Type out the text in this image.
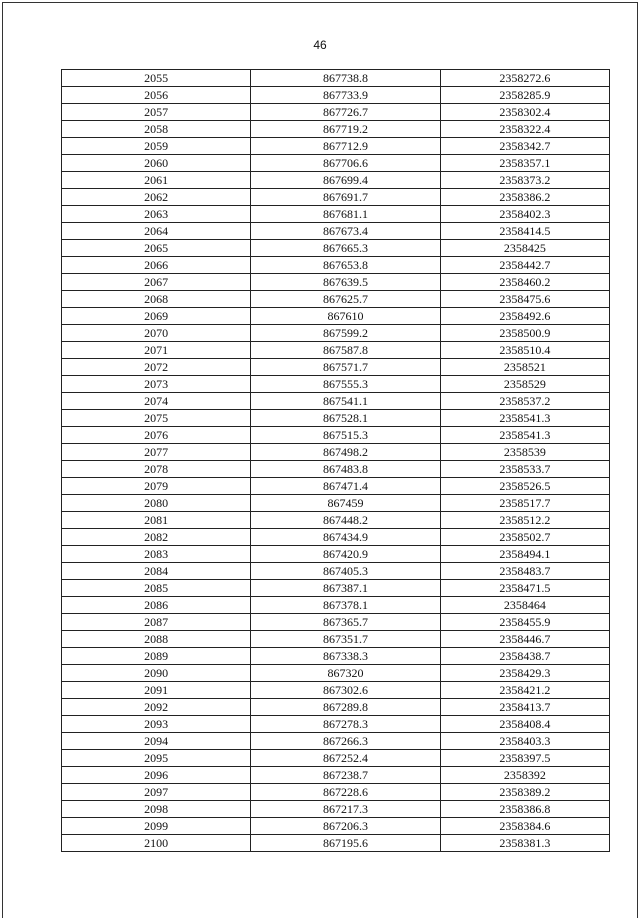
46
2055	867738.8	2358272.6
2056	867733.9	2358285.9
2057	867726.7	2358302.4
2058	867719.2	2358322.4
2059	867712.9	2358342.7
2060	867706.6	2358357.1
2061	867699.4	2358373.2
2062	867691.7	2358386.2
2063	867681.1	2358402.3
2064	867673.4	2358414.5
2065	867665.3	2358425
2066	867653.8	2358442.7
2067	867639.5	2358460.2
2068	867625.7	2358475.6
2069	867610	2358492.6
2070	867599.2	2358500.9
2071	867587.8	2358510.4
2072	867571.7	2358521
2073	867555.3	2358529
2074	867541.1	2358537.2
2075	867528.1	2358541.3
2076	867515.3	2358541.3
2077	867498.2	2358539
2078	867483.8	2358533.7
2079	867471.4	2358526.5
2080	867459	2358517.7
2081	867448.2	2358512.2
2082	867434.9	2358502.7
2083	867420.9	2358494.1
2084	867405.3	2358483.7
2085	867387.1	2358471.5
2086	867378.1	2358464
2087	867365.7	2358455.9
2088	867351.7	2358446.7
2089	867338.3	2358438.7
2090	867320	2358429.3
2091	867302.6	2358421.2
2092	867289.8	2358413.7
2093	867278.3	2358408.4
2094	867266.3	2358403.3
2095	867252.4	2358397.5
2096	867238.7	2358392
2097	867228.6	2358389.2
2098	867217.3	2358386.8
2099	867206.3	2358384.6
2100	867195.6	2358381.3
